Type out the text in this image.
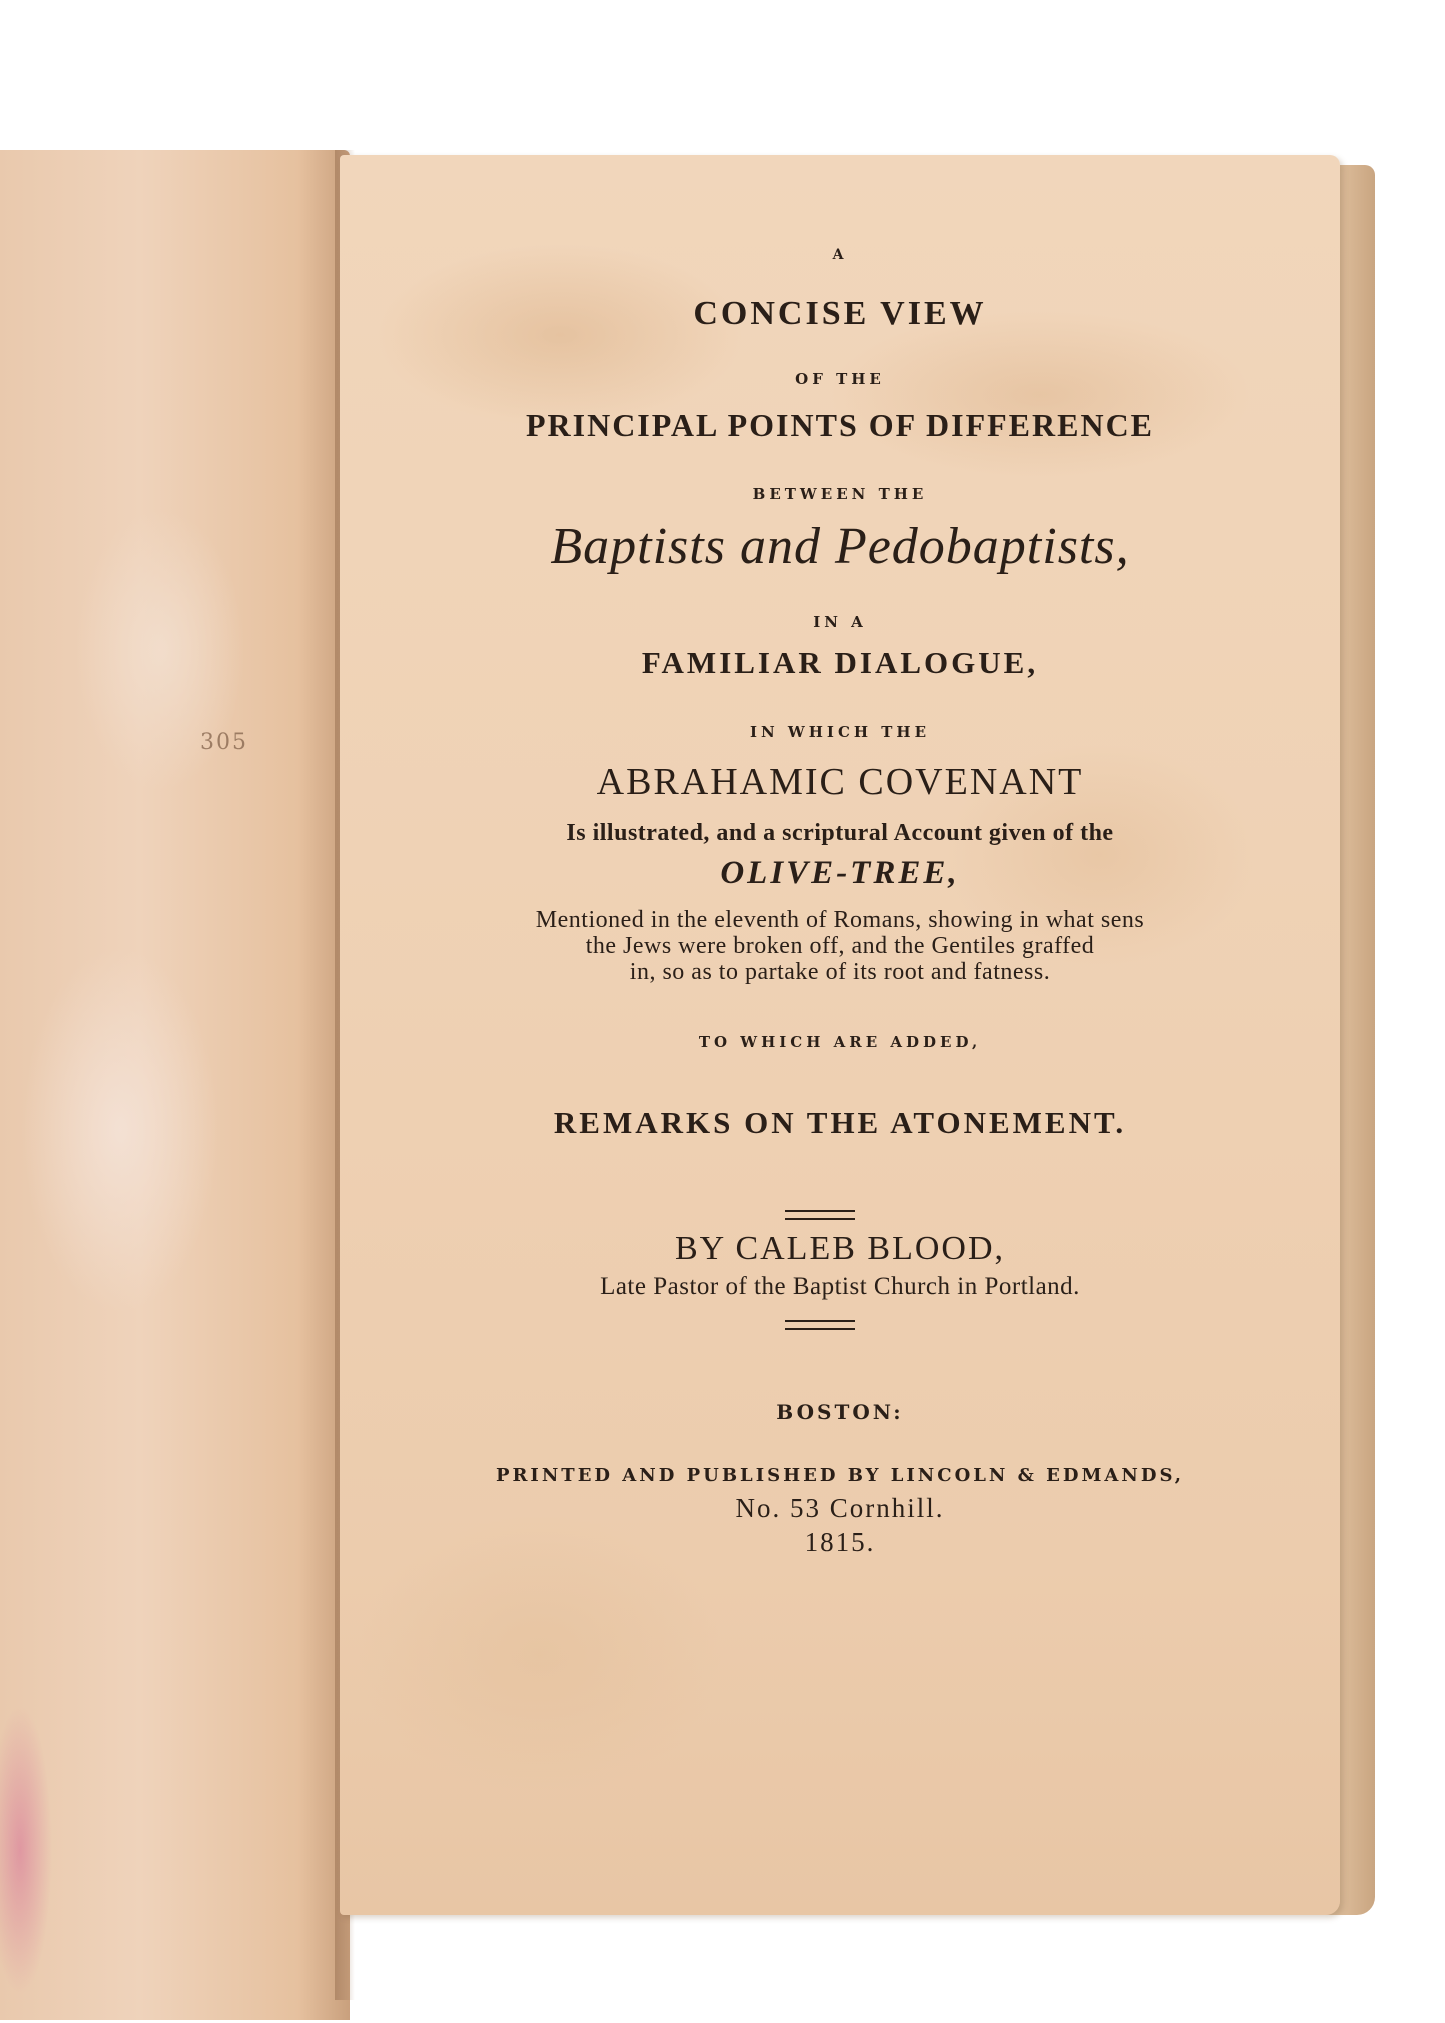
305
A
CONCISE VIEW
OF THE
PRINCIPAL POINTS OF DIFFERENCE
BETWEEN THE
Baptists and Pedobaptists,
IN A
FAMILIAR DIALOGUE,
IN WHICH THE
ABRAHAMIC COVENANT
Is illustrated, and a scriptural Account given of the
OLIVE-TREE,
Mentioned in the eleventh of Romans, showing in what sens
the Jews were broken off, and the Gentiles graffed
in, so as to partake of its root and fatness.
TO WHICH ARE ADDED,
REMARKS ON THE ATONEMENT.
BY CALEB BLOOD,
Late Pastor of the Baptist Church in Portland.
BOSTON:
PRINTED AND PUBLISHED BY LINCOLN & EDMANDS,
No. 53 Cornhill.
1815.
